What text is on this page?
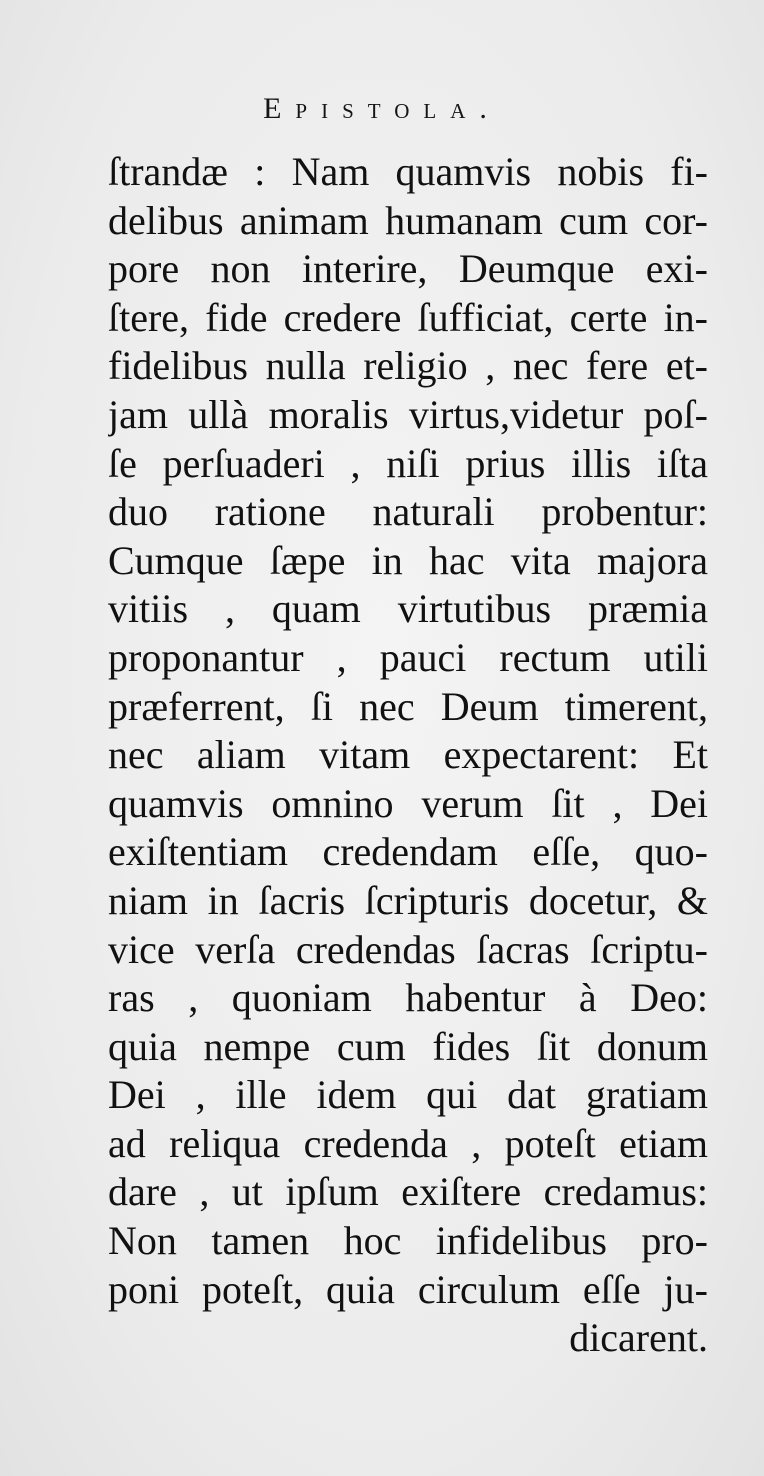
Epistola.
ſtrandæ : Nam quamvis nobis fi-
delibus animam humanam cum cor-
pore non interire, Deumque exi-
ſtere, fide credere ſufficiat, certe in-
fidelibus nulla religio , nec fere et-
jam ullà moralis virtus,videtur poſ-
ſe perſuaderi , niſi prius illis iſta
duo ratione naturali probentur:
Cumque ſæpe in hac vita majora
vitiis , quam virtutibus præmia
proponantur , pauci rectum utili
præferrent, ſi nec Deum timerent,
nec aliam vitam expectarent: Et
quamvis omnino verum ſit , Dei
exiſtentiam credendam eſſe, quo-
niam in ſacris ſcripturis docetur, &
vice verſa credendas ſacras ſcriptu-
ras , quoniam habentur à Deo:
quia nempe cum fides ſit donum
Dei , ille idem qui dat gratiam
ad reliqua credenda , poteſt etiam
dare , ut ipſum exiſtere credamus:
Non tamen hoc infidelibus pro-
poni poteſt, quia circulum eſſe ju-
dicarent.
